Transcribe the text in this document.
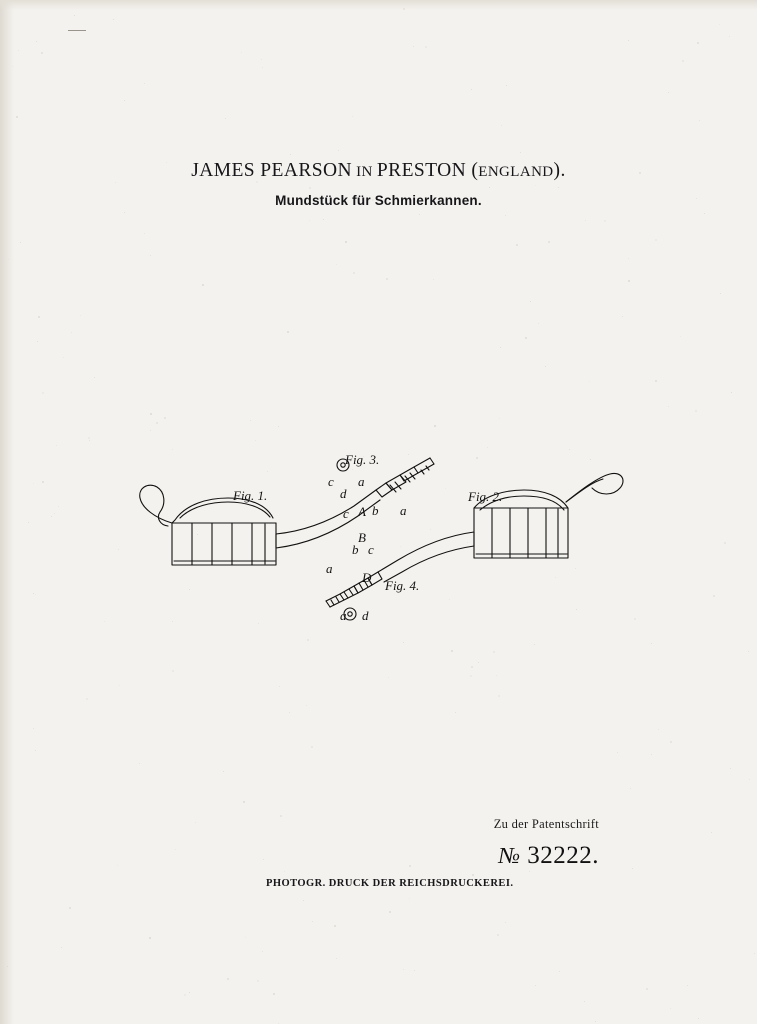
JAMES PEARSON IN PRESTON (ENGLAND).
Mundstück für Schmierkannen.
Fig. 1.	Fig. 2.
Fig. 3.
Fig. 4.
c a
d
c A b a
B
b c
a
D
a d
Zu der Patentschrift
№ 32222.
PHOTOGR. DRUCK DER REICHSDRUCKEREI.
